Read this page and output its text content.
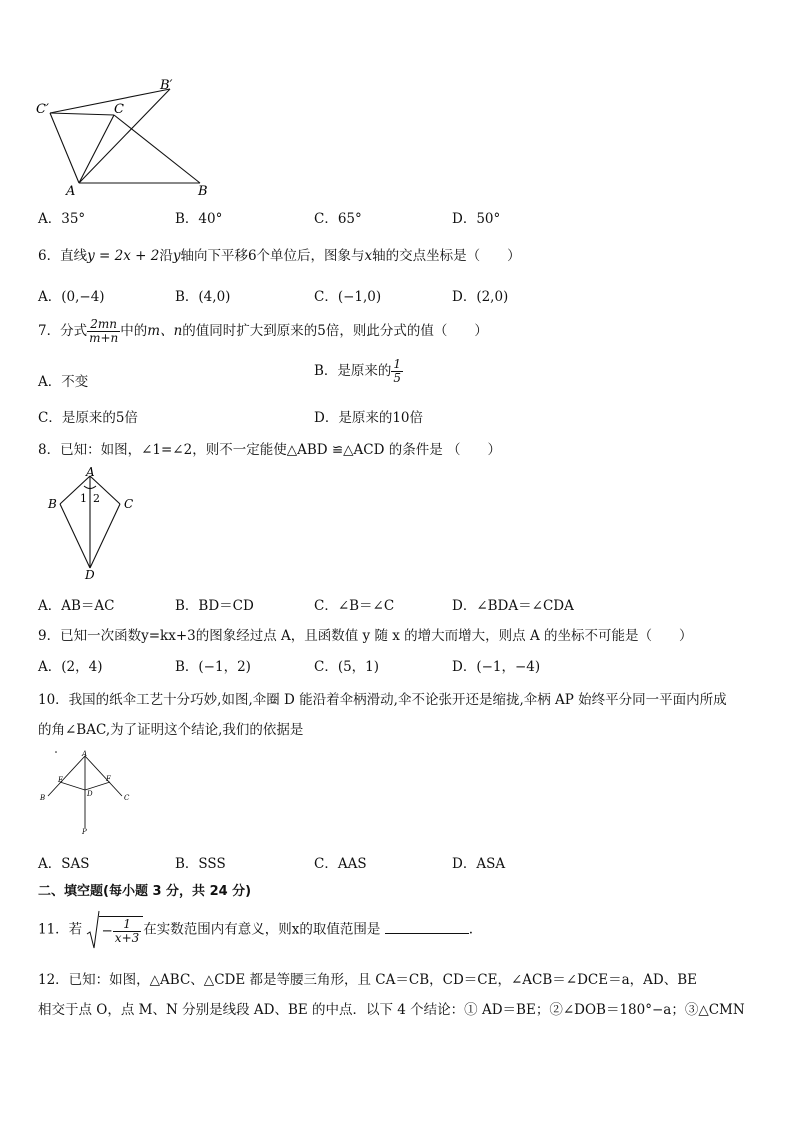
C′	C
B′
A	B
A．35°	B．40°	C．65°	D．50°
6．直线y = 2x + 2沿y轴向下平移6个单位后，图象与x轴的交点坐标是（　　）
A．(0,−4)	B．(4,0)	C．(−1,0)	D．(2,0)
7．分式 $\frac{2mn}{m+n}$ 中的m、n的值同时扩大到原来的5倍，则此分式的值（　　）
A．不变
B．是原来的 $\frac{1}{5}$
C．是原来的5倍	D．是原来的10倍
8．已知：如图，∠1=∠2，则不一定能使△ABD ≌△ACD 的条件是 （　　）
A
B	C
D
1 2
A．AB＝AC	B．BD＝CD	C．∠B＝∠C	D．∠BDA＝∠CDA
9．已知一次函数y=kx+3的图象经过点 A，且函数值 y 随 x 的增大而增大，则点 A 的坐标不可能是（　　）
A．(2，4)	B．(−1，2)	C．(5，1)	D．(−1，−4)
10．我国的纸伞工艺十分巧妙,如图,伞圈 D 能沿着伞柄滑动,伞不论张开还是缩拢,伞柄 AP 始终平分同一平面内所成
的角∠BAC,为了证明这个结论,我们的依据是
A
E	F
B	C
D
P
A．SAS	B．SSS	C．AAS	D．ASA
二、填空题(每小题 3 分，共 24 分)
11．若 − $\frac{1}{x+3}$ 在实数范围内有意义，则x的取值范围是	.
12．已知：如图，△ABC、△CDE 都是等腰三角形，且 CA＝CB，CD＝CE，∠ACB＝∠DCE＝a，AD、BE
相交于点 O，点 M、N 分别是线段 AD、BE 的中点．以下 4 个结论：① AD＝BE；②∠DOB＝180°−a；③△CMN
